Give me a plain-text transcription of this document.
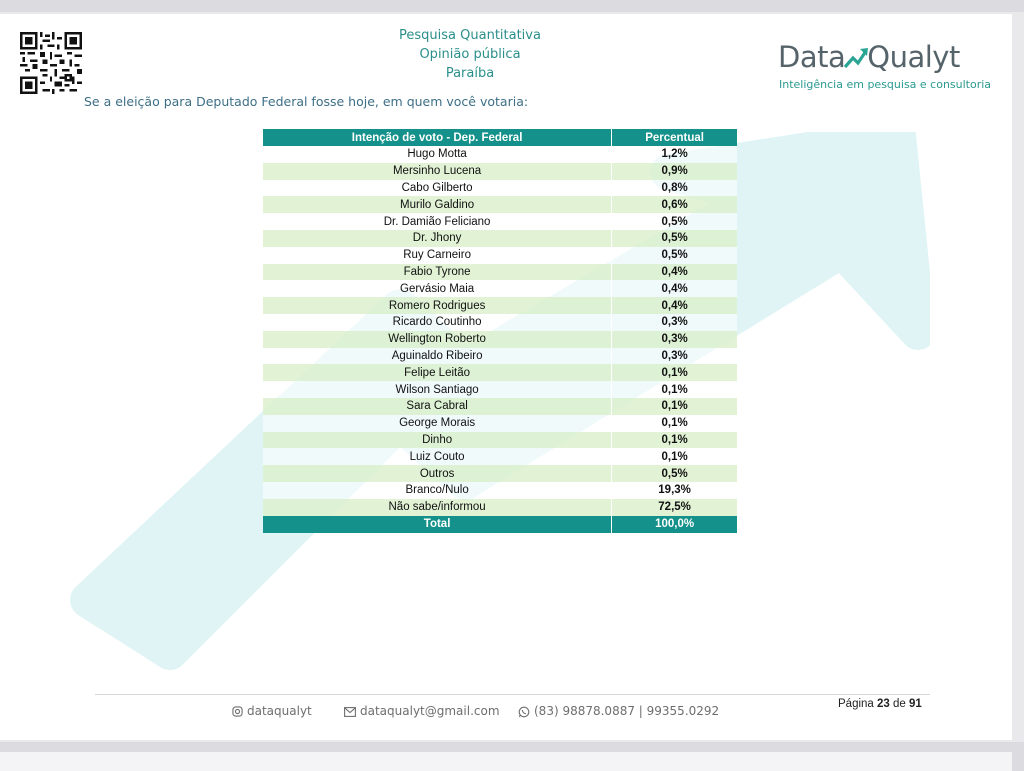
Pesquisa Quantitativa
Opinião pública
Paraíba
Se a eleição para Deputado Federal fosse hoje, em quem você votaria:
Data Qualyt
Inteligência em pesquisa e consultoria
Intenção de voto - Dep. Federal	Percentual
Hugo Motta	1,2%
Mersinho Lucena	0,9%
Cabo Gilberto	0,8%
Murilo Galdino	0,6%
Dr. Damião Feliciano	0,5%
Dr. Jhony	0,5%
Ruy Carneiro	0,5%
Fabio Tyrone	0,4%
Gervásio Maia	0,4%
Romero Rodrigues	0,4%
Ricardo Coutinho	0,3%
Wellington Roberto	0,3%
Aguinaldo Ribeiro	0,3%
Felipe Leitão	0,1%
Wilson Santiago	0,1%
Sara Cabral	0,1%
George Morais	0,1%
Dinho	0,1%
Luiz Couto	0,1%
Outros	0,5%
Branco/Nulo	19,3%
Não sabe/informou	72,5%
Total	100,0%
dataqualyt	dataqualyt@gmail.com	(83) 98878.0887 | 99355.0292	Página 23 de 91
